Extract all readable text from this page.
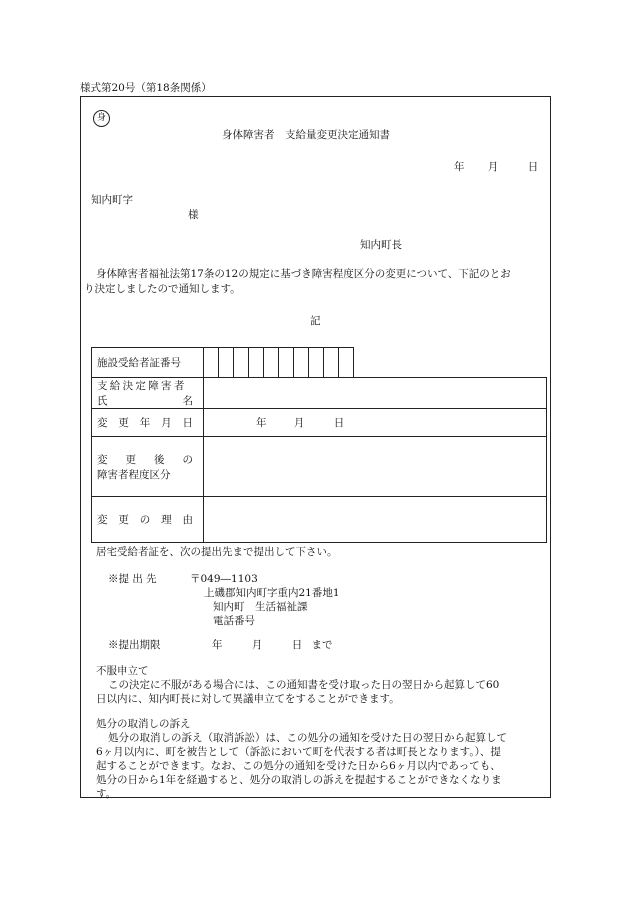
様式第20号（第18条関係）
身
身体障害者　支給量変更決定通知書
年 月	日
知内町字
様
知内町長
身体障害者福祉法第17条の12の規定に基づき障害程度区分の変更について、下記のとお
り決定しましたので通知します。
記
施設受給者証番号											

支給決定障害者
氏 名											

変 更 年 月 日	年 月 日										

変 更 後 の
障害者程度区分											

変 更 の 理 由											

居宅受給者証を、次の提出先まで提出して下さい。
※提 出 先	〒049―1103
上磯郡知内町字重内21番地1
知内町　生活福祉課
電話番号
※提出期限	年	月	日 まで
不服申立て
この決定に不服がある場合には、この通知書を受け取った日の翌日から起算して60
日以内に、知内町長に対して異議申立てをすることができます。
処分の取消しの訴え
処分の取消しの訴え（取消訴訟）は、この処分の通知を受けた日の翌日から起算して
6ヶ月以内に、町を被告として（訴訟において町を代表する者は町長となります。）、提
起することができます。なお、この処分の通知を受けた日から6ヶ月以内であっても、
処分の日から1年を経過すると、処分の取消しの訴えを提起することができなくなりま
す。
